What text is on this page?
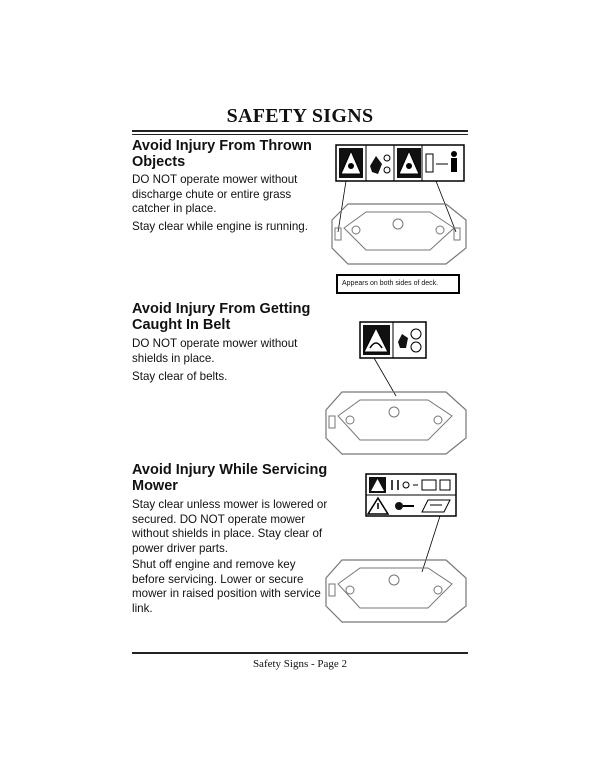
SAFETY SIGNS
Avoid Injury From Thrown Objects
DO NOT operate mower without discharge chute or entire grass catcher in place.
Stay clear while engine is running.
Appears on both sides of deck.
Avoid Injury From Getting Caught In Belt
DO NOT operate mower without shields in place.
Stay clear of belts.
Avoid Injury While Servicing Mower
Stay clear unless mower is lowered or secured. DO NOT operate mower without shields in place. Stay clear of power driver parts.
Shut off engine and remove key before servicing. Lower or secure mower in raised position with service link.
Safety Signs - Page 2
